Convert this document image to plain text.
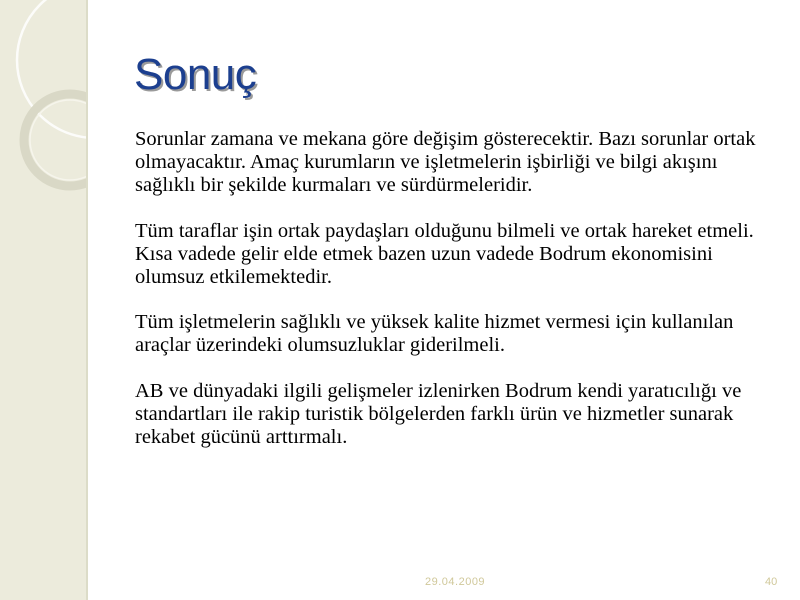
Sonuç

Sorunlar zamana ve mekana göre değişim gösterecektir. Bazı sorunlar ortak olmayacaktır. Amaç kurumların ve işletmelerin işbirliği ve bilgi akışını sağlıklı bir şekilde kurmaları ve sürdürmeleridir.

Tüm taraflar işin ortak paydaşları olduğunu bilmeli ve ortak hareket etmeli. Kısa vadede gelir elde etmek bazen uzun vadede Bodrum ekonomisini olumsuz etkilemektedir.

Tüm işletmelerin sağlıklı ve yüksek kalite hizmet vermesi için kullanılan araçlar üzerindeki olumsuzluklar giderilmeli.

AB ve dünyadaki ilgili gelişmeler izlenirken Bodrum kendi yaratıcılığı ve standartları ile rakip turistik bölgelerden farklı ürün ve hizmetler sunarak rekabet gücünü arttırmalı.

29.04.2009	40
